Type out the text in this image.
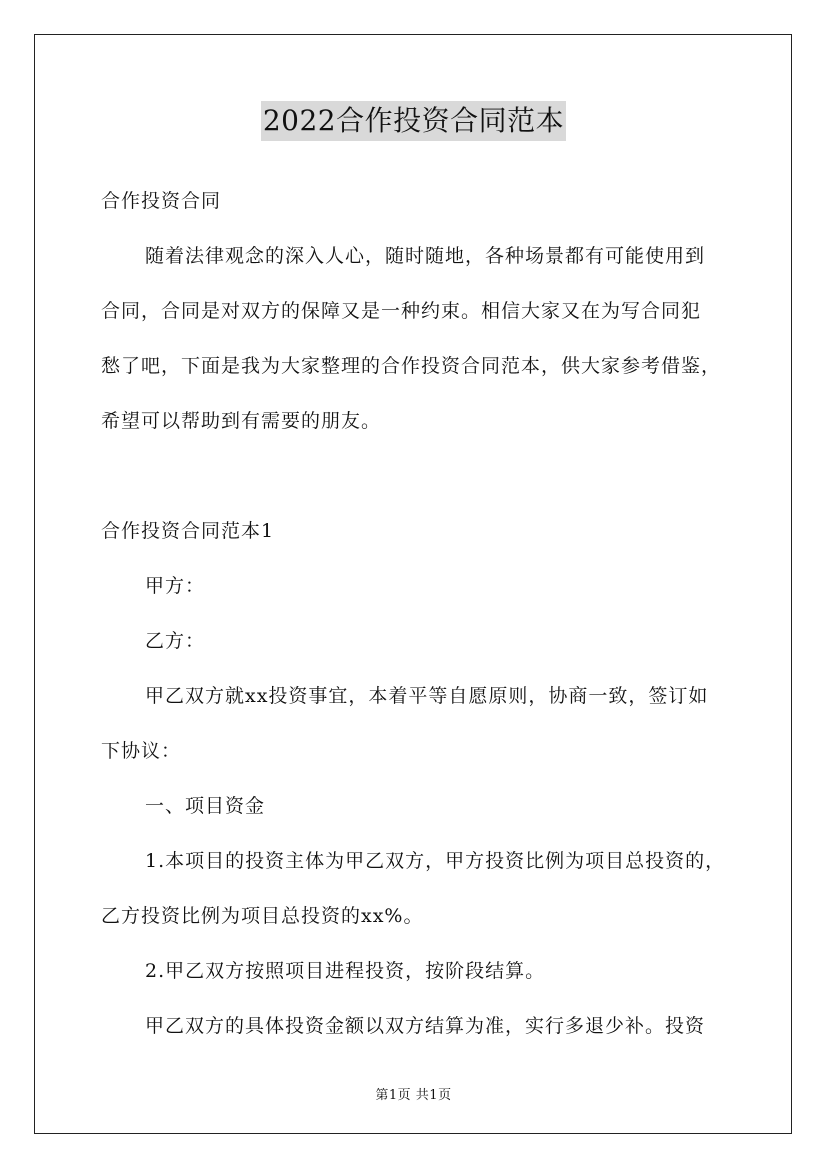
2022合作投资合同范本

合作投资合同

随着法律观念的深入人心，随时随地，各种场景都有可能使用到

合同，合同是对双方的保障又是一种约束。相信大家又在为写合同犯

愁了吧，下面是我为大家整理的合作投资合同范本，供大家参考借鉴，

希望可以帮助到有需要的朋友。

合作投资合同范本1

甲方：

乙方：

甲乙双方就xx投资事宜，本着平等自愿原则，协商一致，签订如

下协议：

一、项目资金

1.本项目的投资主体为甲乙双方，甲方投资比例为项目总投资的，

乙方投资比例为项目总投资的xx%。

2.甲乙双方按照项目进程投资，按阶段结算。

甲乙双方的具体投资金额以双方结算为准，实行多退少补。投资

第1页 共1页
